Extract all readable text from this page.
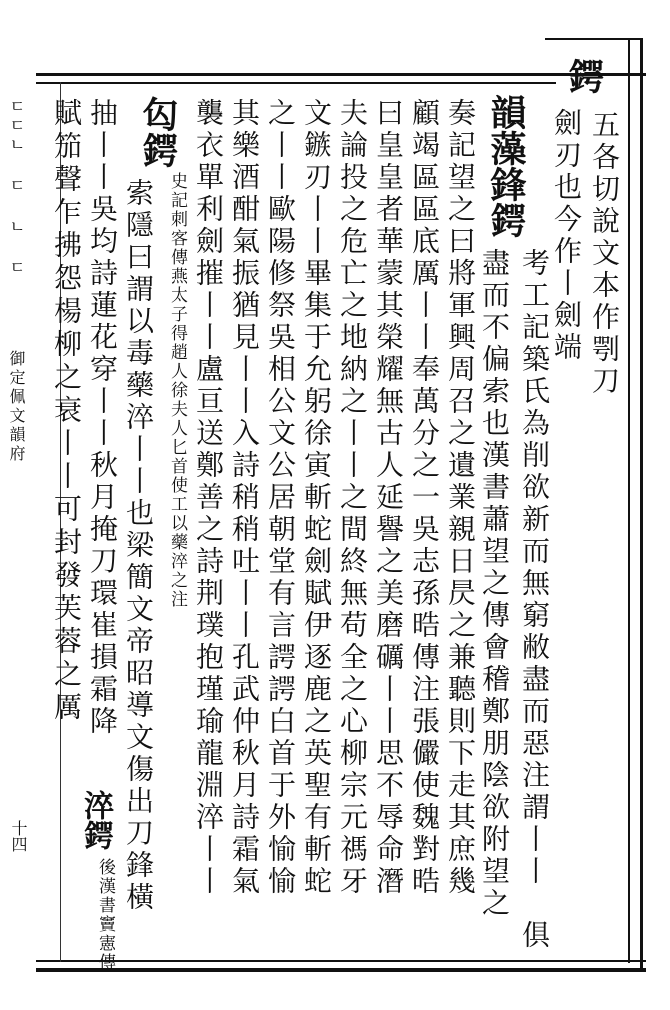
鍔
五各切說文本作㓵刀
劍刃也今作丨劍端
韻藻鋒鍔
考工記築氏為削欲新而無窮敝盡而惡注謂丨丨
俱
盡而不偏索也漢書蕭望之傳會稽鄭朋陰欲附望之
奏記望之曰將軍興周召之遺業親日昃之兼聽則下走其庶幾
顧竭區區底厲丨丨奉萬分之一吳志孫晧傳注張儼使魏對晧
曰皇皇者華蒙其榮耀無古人延譽之美磨礪丨丨思不辱命潛
夫論投之危亡之地納之丨丨之間終無苟全之心柳宗元禡牙
文鏃刃丨丨畢集于允躬徐寅斬蛇劍賦伊逐鹿之英聖有斬蛇
之丨丨歐陽修祭吳相公文公居朝堂有言諤諤白首于外愉愉
其樂酒酣氣振猶見丨丨入詩稍稍吐丨丨孔武仲秋月詩霜氣
襲衣單利劍摧丨丨盧亘送鄭善之詩荆璞抱瑾瑜龍淵淬丨丨
匃鍔
史記刺客傳燕太子得趙人徐夫人匕首使工以藥淬之注
索隱曰謂以毒藥淬丨丨也梁簡文帝昭導文傷出刀鋒橫
抽丨丨吳均詩蓮花穿丨丨秋月掩刀環崔損霜降
淬鍔
後漢書竇憲傳
賦笳聲乍拂怨楊柳之衰丨丨可封發芙蓉之厲
ㄷㄷㄴ ㄷ ㄴ ㄷ
御定佩文韻府
十四
